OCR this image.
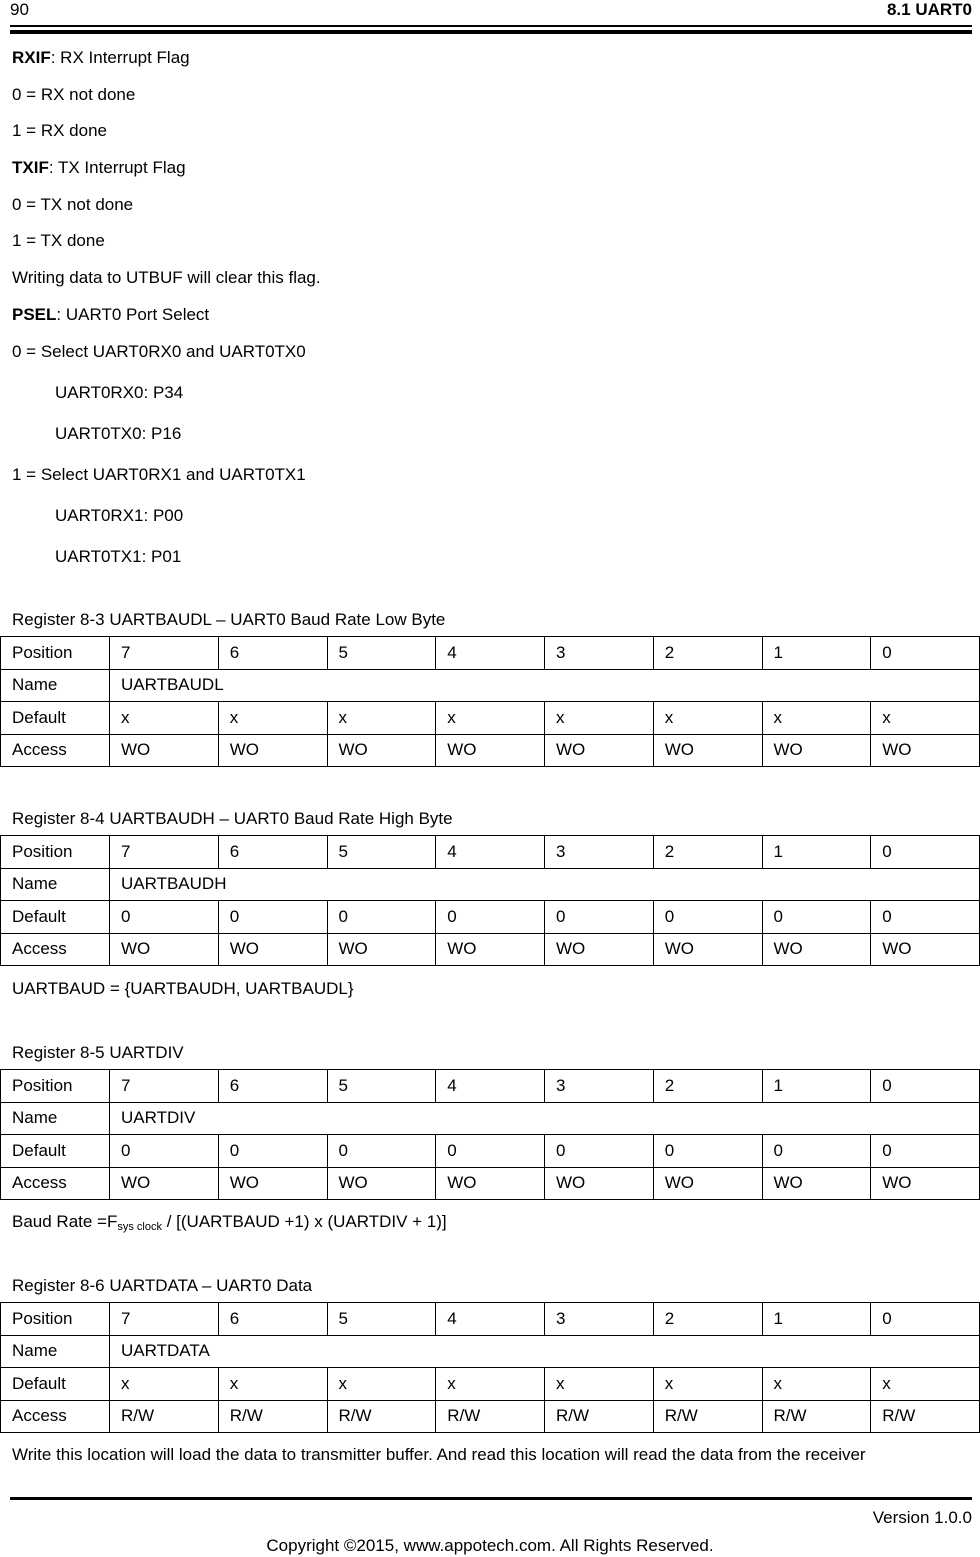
90	8.1 UART0
RXIF: RX Interrupt Flag
0 = RX not done
1 = RX done
TXIF: TX Interrupt Flag
0 = TX not done
1 = TX done
Writing data to UTBUF will clear this flag.
PSEL: UART0 Port Select
0 = Select UART0RX0 and UART0TX0
UART0RX0: P34
UART0TX0: P16
1 = Select UART0RX1 and UART0TX1
UART0RX1: P00
UART0TX1: P01
Register 8-3 UARTBAUDL – UART0 Baud Rate Low Byte
Position	7	6	5	4	3	2	1	0
Name	UARTBAUDL							
Default	x	x	x	x	x	x	x	x
Access	WO	WO	WO	WO	WO	WO	WO	WO
Register 8-4 UARTBAUDH – UART0 Baud Rate High Byte
Position	7	6	5	4	3	2	1	0
Name	UARTBAUDH							
Default	0	0	0	0	0	0	0	0
Access	WO	WO	WO	WO	WO	WO	WO	WO
UARTBAUD = {UARTBAUDH, UARTBAUDL}
Register 8-5 UARTDIV
Position	7	6	5	4	3	2	1	0
Name	UARTDIV							
Default	0	0	0	0	0	0	0	0
Access	WO	WO	WO	WO	WO	WO	WO	WO
Baud Rate $=F_{sys clock}$ / [(UARTBAUD +1) x (UARTDIV + 1)]
Register 8-6 UARTDATA – UART0 Data
Position	7	6	5	4	3	2	1	0
Name	UARTDATA							
Default	x	x	x	x	x	x	x	x
Access	R/W	R/W	R/W	R/W	R/W	R/W	R/W	R/W
Write this location will load the data to transmitter buffer. And read this location will read the data from the receiver
Version 1.0.0
Copyright ©2015, www.appotech.com. All Rights Reserved.
